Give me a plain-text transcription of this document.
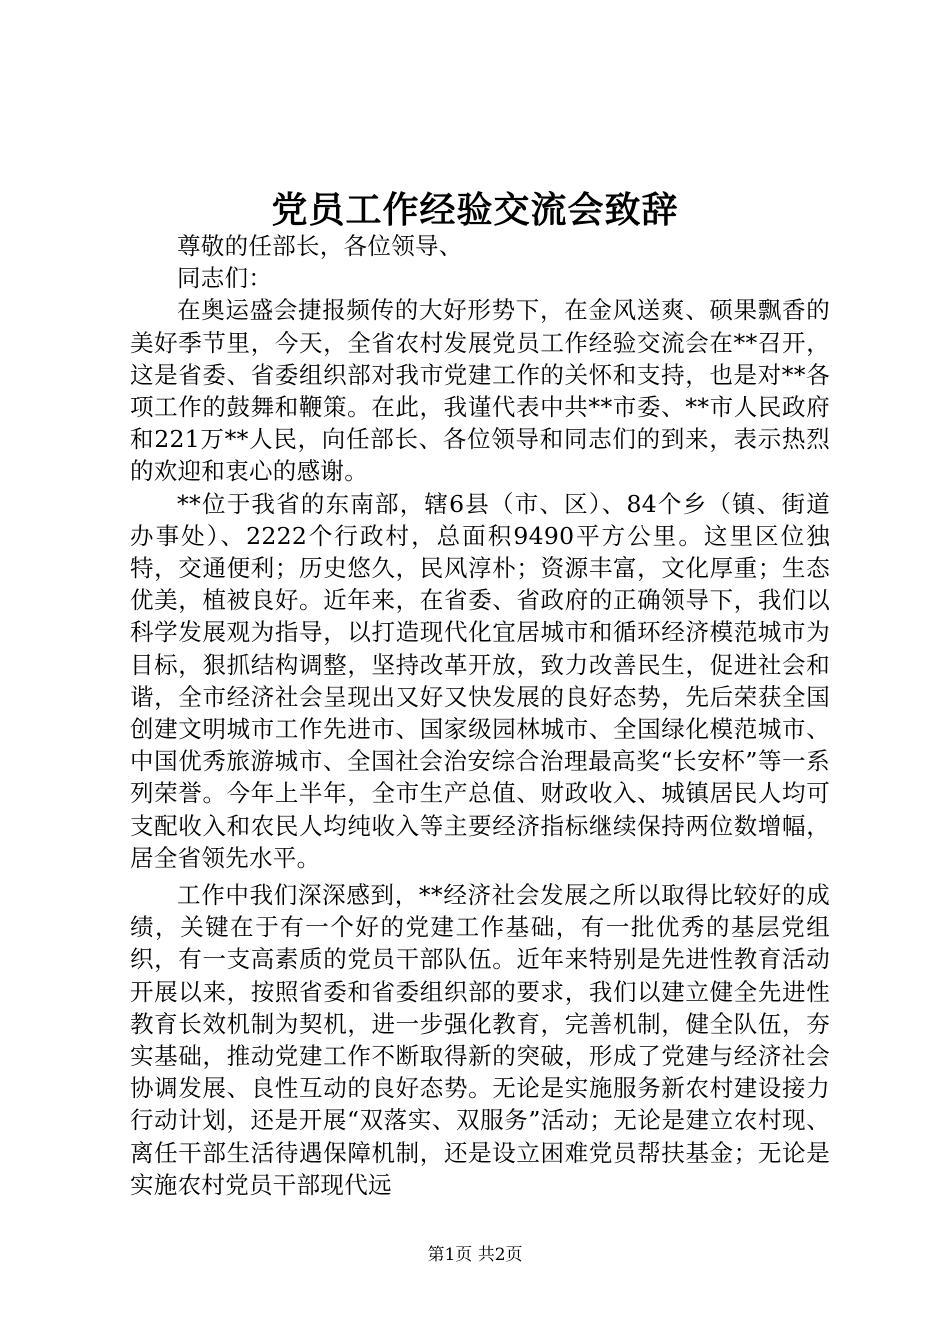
党员工作经验交流会致辞

尊敬的任部长，各位领导、

同志们：

在奥运盛会捷报频传的大好形势下，在金风送爽、硕果飘香的美好季节里，今天，全省农村发展党员工作经验交流会在**召开，这是省委、省委组织部对我市党建工作的关怀和支持，也是对**各项工作的鼓舞和鞭策。在此，我谨代表中共**市委、**市人民政府和221万**人民，向任部长、各位领导和同志们的到来，表示热烈的欢迎和衷心的感谢。

**位于我省的东南部，辖6县（市、区）、84个乡（镇、街道办事处）、2222个行政村，总面积9490平方公里。这里区位独特，交通便利；历史悠久，民风淳朴；资源丰富，文化厚重；生态优美，植被良好。近年来，在省委、省政府的正确领导下，我们以科学发展观为指导，以打造现代化宜居城市和循环经济模范城市为目标，狠抓结构调整，坚持改革开放，致力改善民生，促进社会和谐，全市经济社会呈现出又好又快发展的良好态势，先后荣获全国创建文明城市工作先进市、国家级园林城市、全国绿化模范城市、中国优秀旅游城市、全国社会治安综合治理最高奖“长安杯”等一系列荣誉。今年上半年，全市生产总值、财政收入、城镇居民人均可支配收入和农民人均纯收入等主要经济指标继续保持两位数增幅，居全省领先水平。

工作中我们深深感到，**经济社会发展之所以取得比较好的成绩，关键在于有一个好的党建工作基础，有一批优秀的基层党组织，有一支高素质的党员干部队伍。近年来特别是先进性教育活动开展以来，按照省委和省委组织部的要求，我们以建立健全先进性教育长效机制为契机，进一步强化教育，完善机制，健全队伍，夯实基础，推动党建工作不断取得新的突破，形成了党建与经济社会协调发展、良性互动的良好态势。无论是实施服务新农村建设接力行动计划，还是开展“双落实、双服务”活动；无论是建立农村现、离任干部生活待遇保障机制，还是设立困难党员帮扶基金；无论是实施农村党员干部现代远

第1页 共2页
